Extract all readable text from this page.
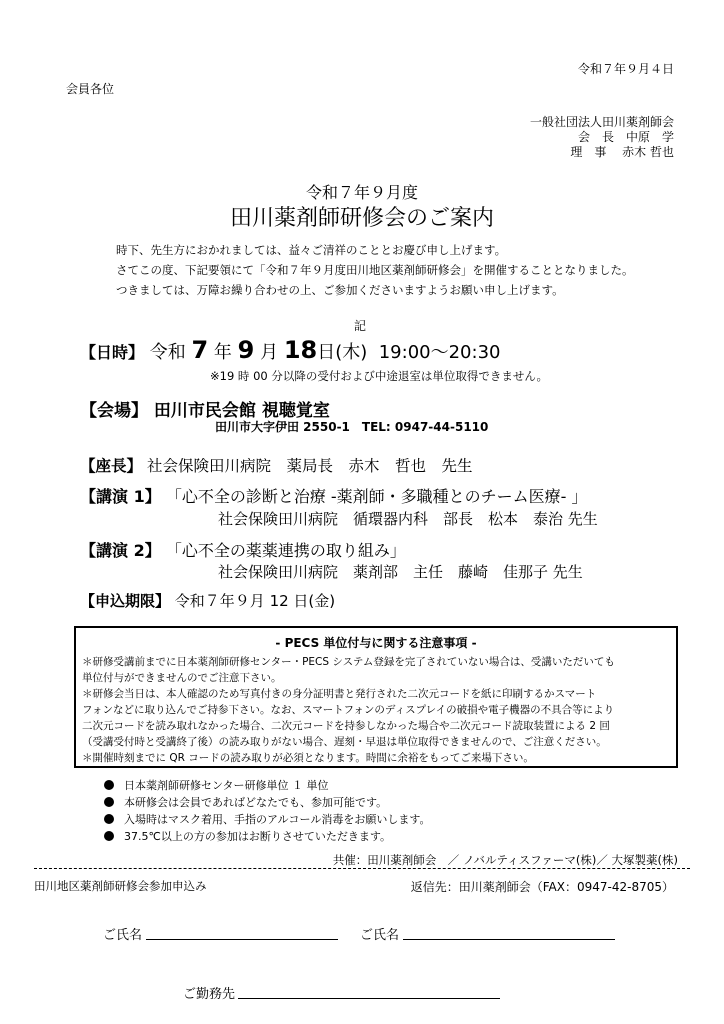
令和７年９月４日
会員各位
一般社団法人田川薬剤師会
会　長　中原　学
理　事　 赤木 哲也
令和７年９月度
田川薬剤師研修会のご案内
時下、先生方におかれましては、益々ご清祥のこととお慶び申し上げます。
さてこの度、下記要領にて「令和７年９月度田川地区薬剤師研修会」を開催することとなりました。
つきましては、万障お繰り合わせの上、ご参加くださいますようお願い申し上げます。
記
【日時】 令和 7 年 9 月 18日(木) 19:00～20:30
※19 時 00 分以降の受付および中途退室は単位取得できません。
【会場】 田川市民会館 視聴覚室
田川市大字伊田 2550-1　TEL: 0947-44-5110
【座長】 社会保険田川病院　薬局長　赤木　哲也　先生
【講演 1】 「心不全の診断と治療 -薬剤師・多職種とのチーム医療- 」
社会保険田川病院　循環器内科　部長　松本　泰治 先生
【講演 2】 「心不全の薬薬連携の取り組み」
社会保険田川病院　薬剤部　主任　藤崎　佳那子 先生
【申込期限】 令和７年９月 12 日(金)
- PECS 単位付与に関する注意事項 -
＊研修受講前までに日本薬剤師研修センター・PECS システム登録を完了されていない場合は、受講いただいても
単位付与ができませんのでご注意下さい。
＊研修会当日は、本人確認のため写真付きの身分証明書と発行された二次元コードを紙に印刷するかスマート
フォンなどに取り込んでご持参下さい。なお、スマートフォンのディスプレイの破損や電子機器の不具合等により
二次元コードを読み取れなかった場合、二次元コードを持参しなかった場合や二次元コード読取装置による 2 回
（受講受付時と受講終了後）の読み取りがない場合、遅刻・早退は単位取得できませんので、ご注意ください。
＊開催時刻までに QR コードの読み取りが必須となります。時間に余裕をもってご来場下さい。
日本薬剤師研修センター研修単位 １ 単位
本研修会は会員であればどなたでも、参加可能です。
入場時はマスク着用、手指のアルコール消毒をお願いします。
37.5℃以上の方の参加はお断りさせていただきます。
共催：田川薬剤師会　／ ノバルティスファーマ(株)／ 大塚製薬(株)
田川地区薬剤師研修会参加申込み	返信先：田川薬剤師会（FAX：0947-42-8705）
ご氏名	ご氏名
ご勤務先
